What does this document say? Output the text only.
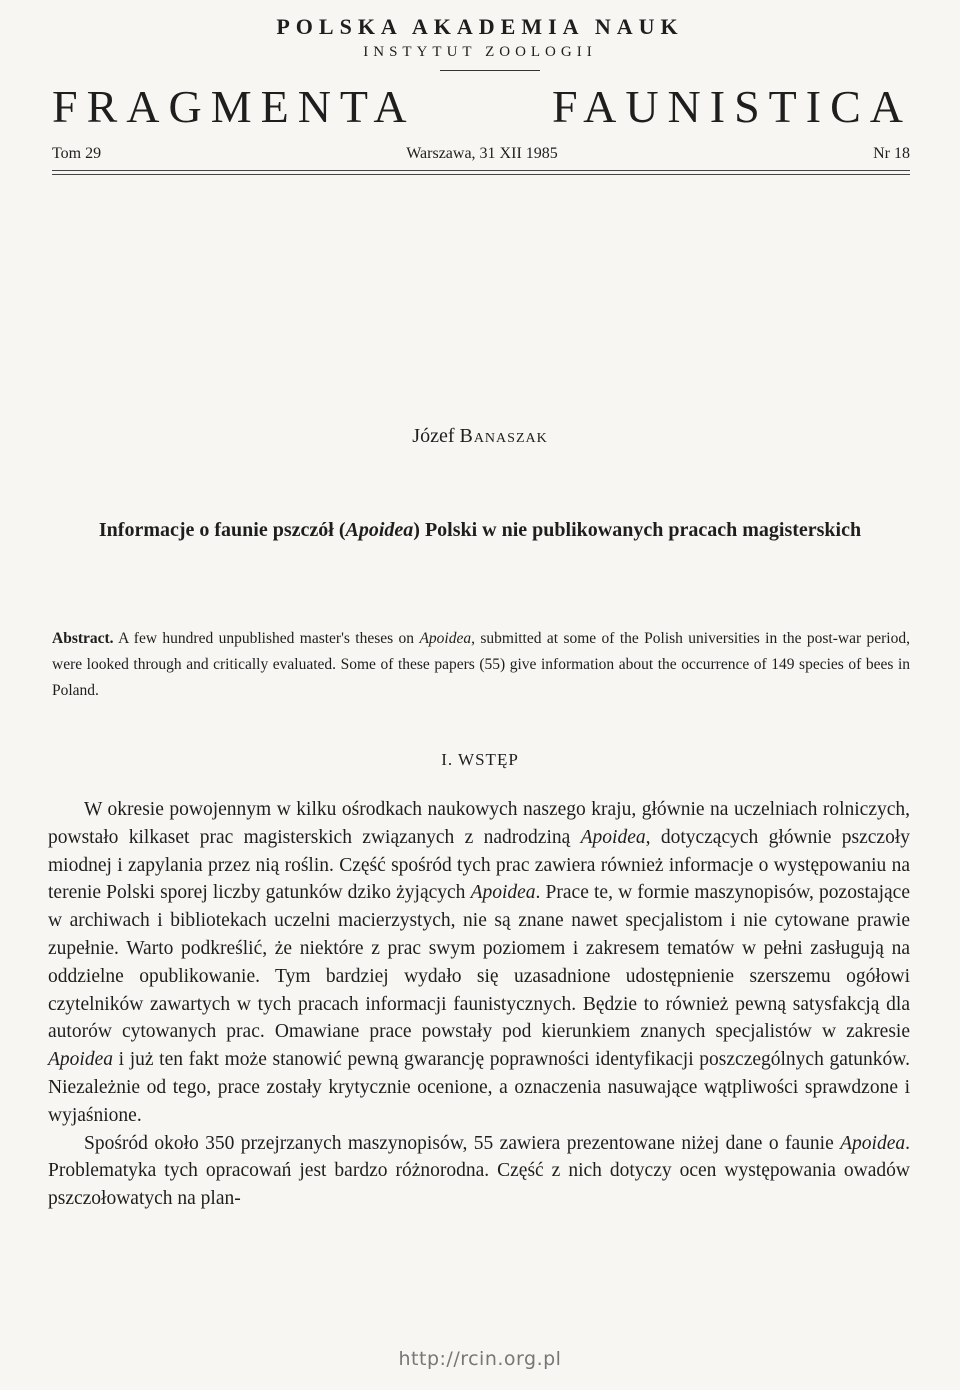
POLSKA AKADEMIA NAUK
INSTYTUT ZOOLOGII
FRAGMENTA FAUNISTICA
Tom 29	Warszawa, 31 XII 1985	Nr 18
Józef Banaszak
Informacje o faunie pszczół (Apoidea) Polski w nie publikowanych pracach magisterskich
Abstract. A few hundred unpublished master's theses on Apoidea, submitted at some of the Polish universities in the post-war period, were looked through and critically evaluated. Some of these papers (55) give information about the occurrence of 149 species of bees in Poland.
I. WSTĘP

W okresie powojennym w kilku ośrodkach naukowych naszego kraju, głównie na uczelniach rolniczych, powstało kilkaset prac magisterskich związanych z nadrodziną Apoidea, dotyczących głównie pszczoły miodnej i zapylania przez nią roślin. Część spośród tych prac zawiera również informacje o występowaniu na terenie Polski sporej liczby gatunków dziko żyjących Apoidea. Prace te, w formie maszynopisów, pozostające w archiwach i bibliotekach uczelni macierzystych, nie są znane nawet specjalistom i nie cytowane prawie zupełnie. Warto podkreślić, że niektóre z prac swym poziomem i zakresem tematów w pełni zasługują na oddzielne opublikowanie. Tym bardziej wydało się uzasadnione udostępnienie szerszemu ogółowi czytelników zawartych w tych pracach informacji faunistycznych. Będzie to również pewną satysfakcją dla autorów cytowanych prac. Omawiane prace powstały pod kierunkiem znanych specjalistów w zakresie Apoidea i już ten fakt może stanowić pewną gwarancję poprawności identyfikacji poszczególnych gatunków. Niezależnie od tego, prace zostały krytycznie ocenione, a oznaczenia nasuwające wątpliwości sprawdzone i wyjaśnione.

Spośród około 350 przejrzanych maszynopisów, 55 zawiera prezentowane niżej dane o faunie Apoidea. Problematyka tych opracowań jest bardzo różnorodna. Część z nich dotyczy ocen występowania owadów pszczołowatych na plan-

http://rcin.org.pl
